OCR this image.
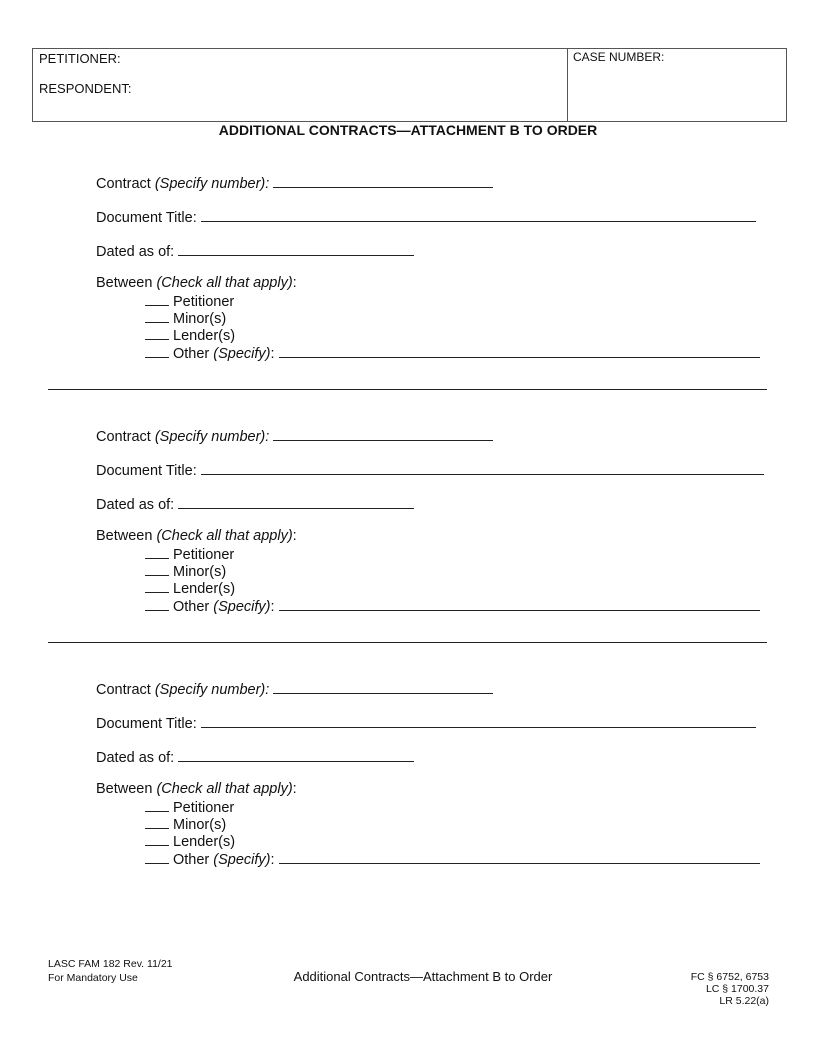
PETITIONER:
RESPONDENT:
CASE NUMBER:
ADDITIONAL CONTRACTS—ATTACHMENT B TO ORDER
Contract (Specify number):
Document Title:
Dated as of:
Between (Check all that apply):
Petitioner
Minor(s)
Lender(s)
Other (Specify):
Contract (Specify number):
Document Title:
Dated as of:
Between (Check all that apply):
Petitioner
Minor(s)
Lender(s)
Other (Specify):
Contract (Specify number):
Document Title:
Dated as of:
Between (Check all that apply):
Petitioner
Minor(s)
Lender(s)
Other (Specify):
LASC FAM 182 Rev. 11/21
For Mandatory Use	Additional Contracts—Attachment B to Order	FC § 6752, 6753
LC § 1700.37
LR 5.22(a)
